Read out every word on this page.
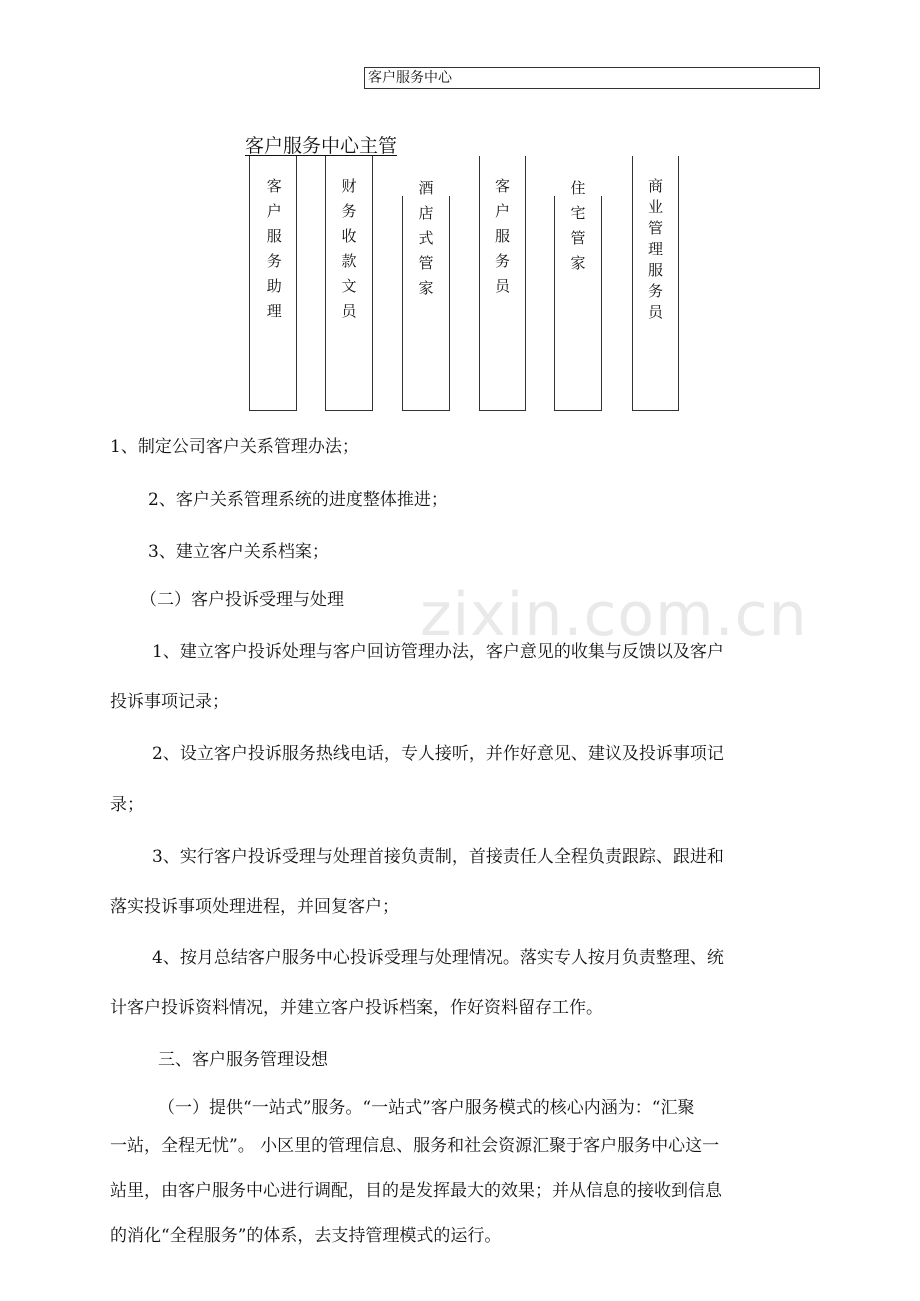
zixin.com.cn
客户服务中心
客户服务中心主管
客户服务助理	财务收款文员	酒店式管家	客户服务员	住宅管家	商业管理服务员

1、制定公司客户关系管理办法；

2、客户关系管理系统的进度整体推进；

3、建立客户关系档案；

（二）客户投诉受理与处理

1、建立客户投诉处理与客户回访管理办法，客户意见的收集与反馈以及客户

投诉事项记录；

2、设立客户投诉服务热线电话，专人接听，并作好意见、建议及投诉事项记

录；

3、实行客户投诉受理与处理首接负责制，首接责任人全程负责跟踪、跟进和

落实投诉事项处理进程，并回复客户；

4、按月总结客户服务中心投诉受理与处理情况。落实专人按月负责整理、统

计客户投诉资料情况，并建立客户投诉档案，作好资料留存工作。

三、客户服务管理设想

（一）提供“一站式”服务。“一站式”客户服务模式的核心内涵为：“汇聚

一站，全程无忧”。 小区里的管理信息、服务和社会资源汇聚于客户服务中心这一

站里，由客户服务中心进行调配，目的是发挥最大的效果；并从信息的接收到信息

的消化“全程服务”的体系，去支持管理模式的运行。
